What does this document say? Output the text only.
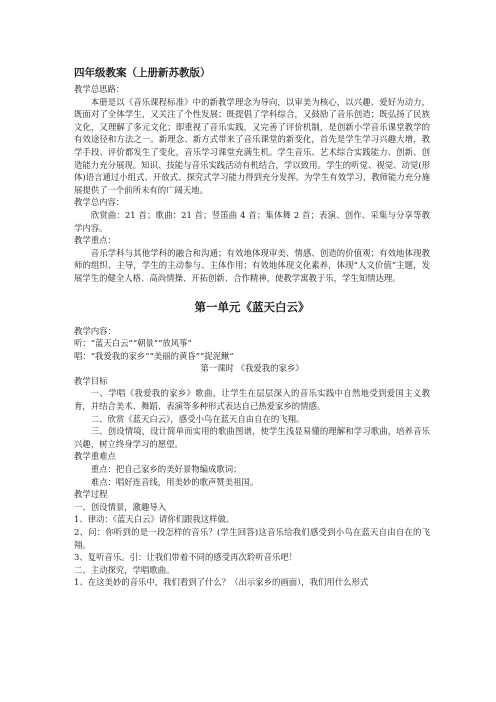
四年级教案（上册新苏教版）

教学总思路：

本册是以《音乐课程标准》中的新教学理念为导向，以审美为核心，以兴趣、爱好为动力，既面对了全体学生，又关注了个性发展；既提倡了学科综合，又鼓励了音乐创造；既弘扬了民族文化，又理解了多元文化；即重视了音乐实践，又完善了评价机制，是创新小学音乐课堂教学的有效途径和方法之一。新理念、新方式带来了音乐课堂的新变化，首先是学生学习兴趣大增，教学手段、评价都发生了变化，音乐学习课堂充满生机。学生音乐、艺术综合实践能力、创新、创造能力充分展现。知识、技能与音乐实践活动有机结合，学以致用。学生的听觉、视觉、动觉(形体)语言通过小组式、开放式、探究式学习能力得到充分发挥。为学生有效学习，教师能力充分施展提供了一个前所未有的广阔天地。

教学总内容：

欣赏曲：21 首；歌曲：21 首；竖笛曲 4 首；集体舞 2 首；表演、创作、采集与分享等教学内容。

教学重点：

音乐学科与其他学科的融合和沟通；有效地体现审美、情感、创造的价值观；有效地体现教师的组织、主导，学生的主动参与、主体作用；有效地体现文化素养，体现“人文价值”主题，发展学生的健全人格、高尚情操、开拓创新、合作精神，使教学寓教于乐，学生知情达理。

第一单元《蓝天白云》

教学内容：

听：“蓝天白云”“朝景”“放风筝”

唱：“我爱我的家乡”“美丽的黄昏”“捉泥鳅”

第一课时 《我爱我的家乡》

教学目标

一、学唱《我爱我的家乡》歌曲，让学生在层层深入的音乐实践中自然地受到爱国主义教育，并结合美术、舞蹈、表演等多种形式表达自己热爱家乡的情感。

二、欣赏《蓝天白云》，感受小鸟在蓝天自由自在的飞翔。

三、创设情境，设计简单而实用的歌曲图谱，使学生浅显易懂的理解和学习歌曲，培养音乐兴趣，树立终身学习的愿望。

教学重难点

重点：把自己家乡的美好景物编成歌词；

难点：唱好连音线，用美妙的歌声赞美祖国。

教学过程

一、创设情景，激趣导入

1、律动：《蓝天白云》请你们跟我这样做。

2、问：你听到的是一段怎样的音乐？(学生回答)这音乐给我们感受到小鸟在蓝天自由自在的飞翔。

3、复听音乐。引：让我们带着不同的感受再次聆听音乐吧！

二、主动探究，学唱歌曲。

1、在这美妙的音乐中，我们看到了什么？（出示家乡的画面），我们用什么形式
